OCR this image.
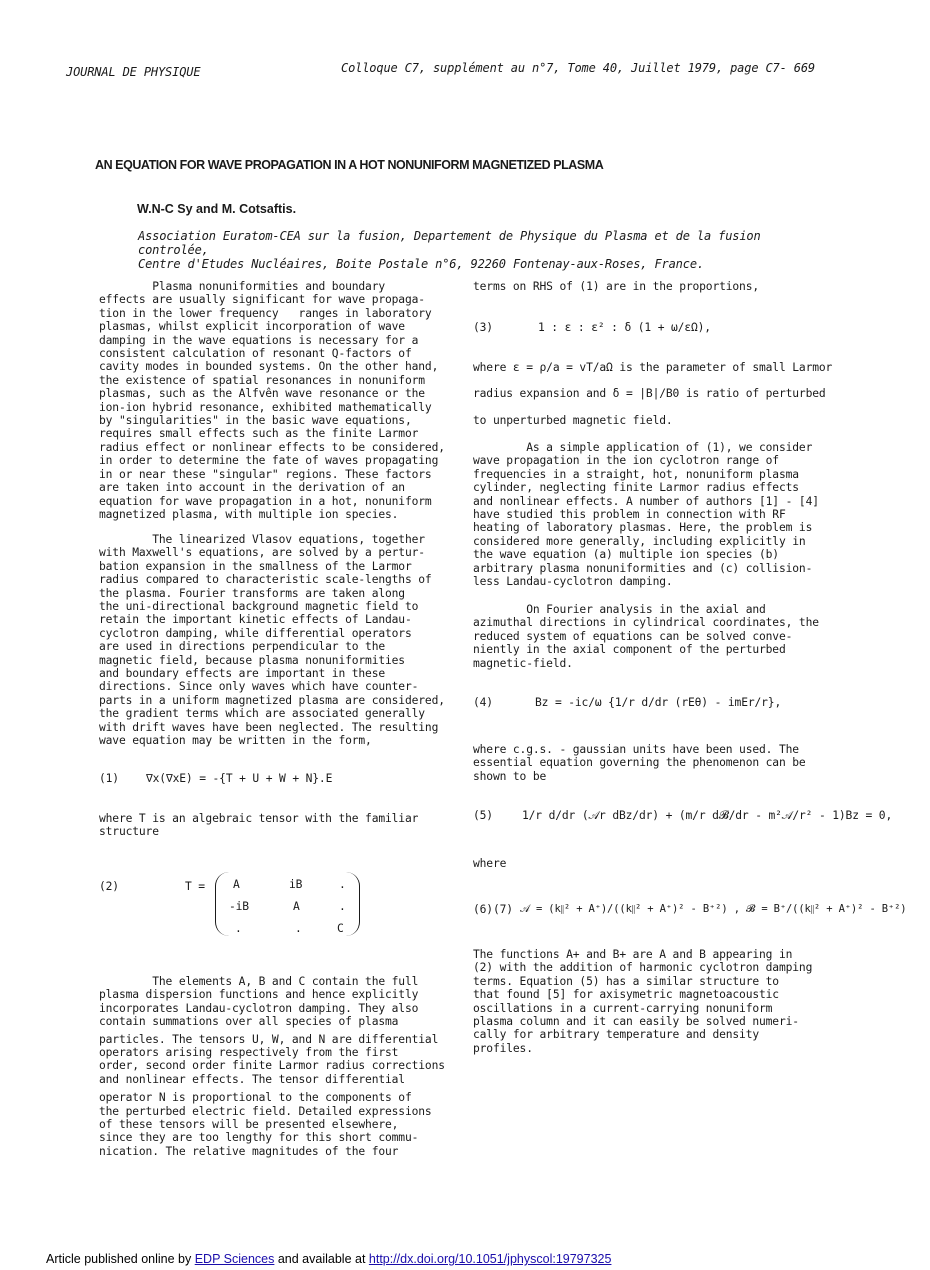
JOURNAL DE PHYSIQUE	Colloque C7, supplément au n°7, Tome 40, Juillet 1979, page C7- 669
AN EQUATION FOR WAVE PROPAGATION IN A HOT NONUNIFORM MAGNETIZED PLASMA
W.N-C Sy and M. Cotsaftis.
Association Euratom-CEA sur la fusion, Departement de Physique du Plasma et de la fusion controlée,
Centre d'Etudes Nucléaires, Boite Postale n°6, 92260 Fontenay-aux-Roses, France.

Plasma nonuniformities and boundary

effects are usually significant for wave propaga-

tion in the lower frequency   ranges in laboratory

plasmas, whilst explicit incorporation of wave

damping in the wave equations is necessary for a

consistent calculation of resonant Q-factors of

cavity modes in bounded systems. On the other hand,

the existence of spatial resonances in nonuniform

plasmas, such as the Alfvên wave resonance or the

ion-ion hybrid resonance, exhibited mathematically

by "singularities" in the basic wave equations,

requires small effects such as the finite Larmor

radius effect or nonlinear effects to be considered,

in order to determine the fate of waves propagating

in or near these "singular" regions. These factors

are taken into account in the derivation of an

equation for wave propagation in a hot, nonuniform

magnetized plasma, with multiple ion species.

The linearized Vlasov equations, together

with Maxwell's equations, are solved by a pertur-

bation expansion in the smallness of the Larmor

radius compared to characteristic scale-lengths of

the plasma. Fourier transforms are taken along

the uni-directional background magnetic field to

retain the important kinetic effects of Landau-

cyclotron damping, while differential operators

are used in directions perpendicular to the

magnetic field, because plasma nonuniformities

and boundary effects are important in these

directions. Since only waves which have counter-

parts in a uniform magnetized plasma are considered,

the gradient terms which are associated generally

with drift waves have been neglected. The resulting

wave equation may be written in the form,

(1) ∇x(∇xE) = -{T + U + W + N}.E

where T is an algebraic tensor with the familiar

structure

(2)	T = A	iB	.
-iB	A	.
.	.	C

The elements A, B and C contain the full

plasma dispersion functions and hence explicitly

incorporates Landau-cyclotron damping. They also

contain summations over all species of plasma

particles. The tensors U, W, and N are differential

operators arising respectively from the first

order, second order finite Larmor radius corrections

and nonlinear effects. The tensor differential

operator N is proportional to the components of

the perturbed electric field. Detailed expressions

of these tensors will be presented elsewhere,

since they are too lengthy for this short commu-

nication. The relative magnitudes of the four

terms on RHS of (1) are in the proportions,
(3)	1 : ε : ε² : δ (1 + ω/εΩ),
where ε = ρ/a = vT/aΩ is the parameter of small Larmor
radius expansion and δ = |B|/B0 is ratio of perturbed
to unperturbed magnetic field.

As a simple application of (1), we consider

wave propagation in the ion cyclotron range of

frequencies in a straight, hot, nonuniform plasma

cylinder, neglecting finite Larmor radius effects

and nonlinear effects. A number of authors [1] - [4]

have studied this problem in connection with RF

heating of laboratory plasmas. Here, the problem is

considered more generally, including explicitly in

the wave equation (a) multiple ion species (b)

arbitrary plasma nonuniformities and (c) collision-

less Landau-cyclotron damping.

On Fourier analysis in the axial and

azimuthal directions in cylindrical coordinates, the

reduced system of equations can be solved conve-

niently in the axial component of the perturbed

magnetic-field.

(4)	Bz = -ic/ω {1/r d/dr (rEθ) - imEr/r},

where c.g.s. - gaussian units have been used. The

essential equation governing the phenomenon can be

shown to be

(5)	1/r d/dr (𝒜r dBz/dr) + (m/r d𝓑/dr - m²𝒜/r² - 1)Bz = 0,
where
(6)(7) 𝒜 = (k∥² + A⁺)/((k∥² + A⁺)² - B⁺²) , 𝓑 = B⁺/((k∥² + A⁺)² - B⁺²)

The functions A+ and B+ are A and B appearing in

(2) with the addition of harmonic cyclotron damping

terms. Equation (5) has a similar structure to

that found [5] for axisymetric magnetoacoustic

oscillations in a current-carrying nonuniform

plasma column and it can easily be solved numeri-

cally for arbitrary temperature and density

profiles.

Article published online by EDP Sciences and available at http://dx.doi.org/10.1051/jphyscol:19797325
